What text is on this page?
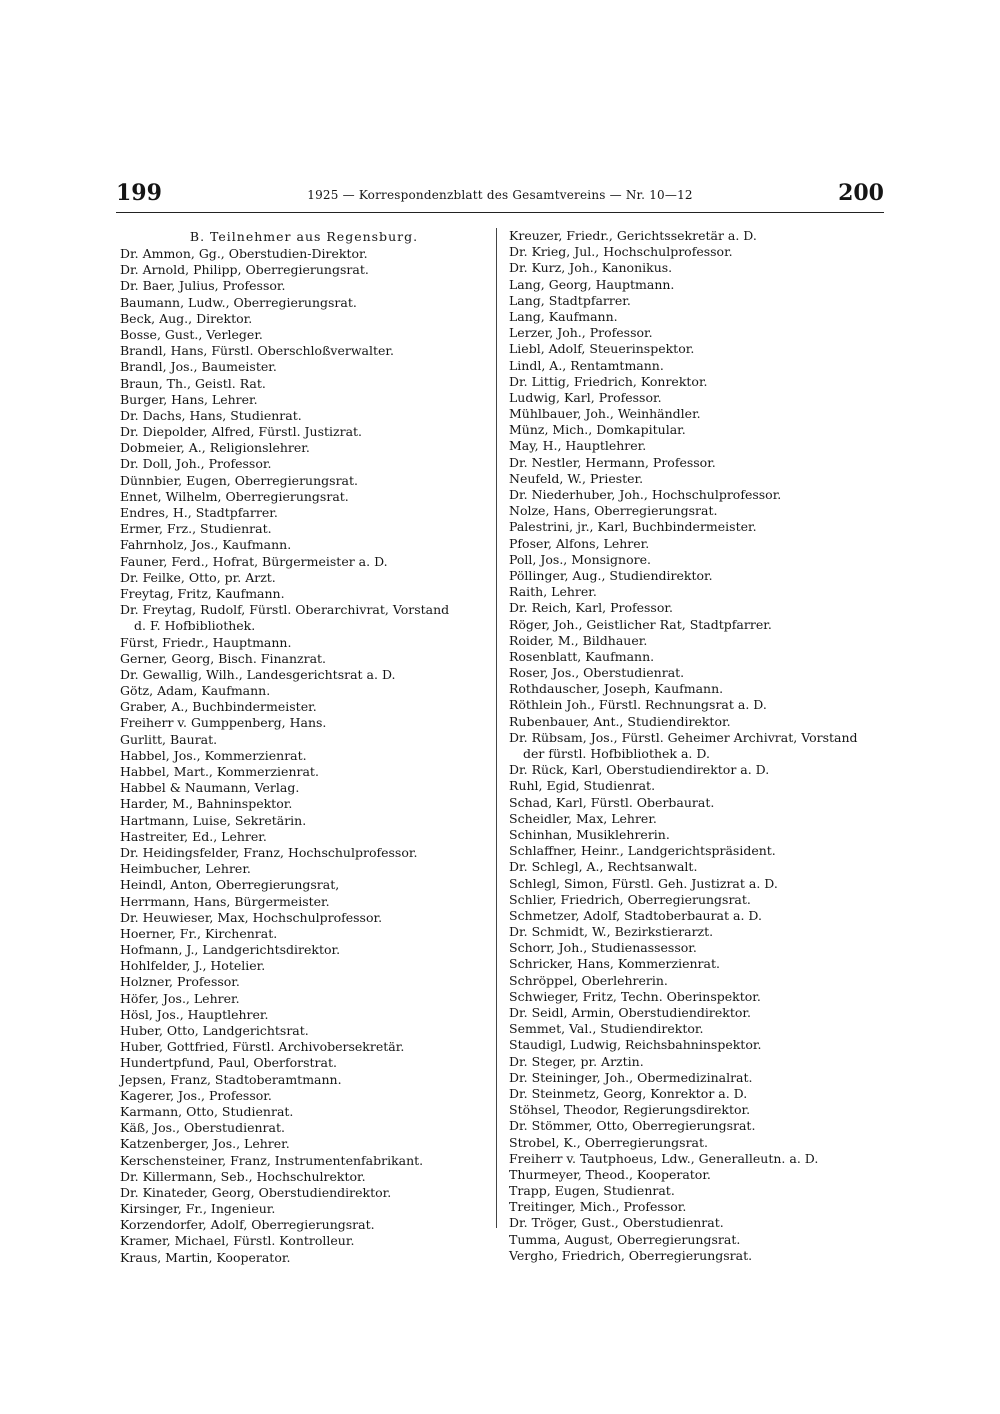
199	1925 — Korrespondenzblatt des Gesamtvereins — Nr. 10—12	200
B. Teilnehmer aus Regensburg.
Dr. Ammon, Gg., Oberstudien-Direktor.
Dr. Arnold, Philipp, Oberregierungsrat.
Dr. Baer, Julius, Professor.
Baumann, Ludw., Oberregierungsrat.
Beck, Aug., Direktor.
Bosse, Gust., Verleger.
Brandl, Hans, Fürstl. Oberschloßverwalter.
Brandl, Jos., Baumeister.
Braun, Th., Geistl. Rat.
Burger, Hans, Lehrer.
Dr. Dachs, Hans, Studienrat.
Dr. Diepolder, Alfred, Fürstl. Justizrat.
Dobmeier, A., Religionslehrer.
Dr. Doll, Joh., Professor.
Dünnbier, Eugen, Oberregierungsrat.
Ennet, Wilhelm, Oberregierungsrat.
Endres, H., Stadtpfarrer.
Ermer, Frz., Studienrat.
Fahrnholz, Jos., Kaufmann.
Fauner, Ferd., Hofrat, Bürgermeister a. D.
Dr. Feilke, Otto, pr. Arzt.
Freytag, Fritz, Kaufmann.
Dr. Freytag, Rudolf, Fürstl. Oberarchivrat, Vorstand
d. F. Hofbibliothek.
Fürst, Friedr., Hauptmann.
Gerner, Georg, Bisch. Finanzrat.
Dr. Gewallig, Wilh., Landesgerichtsrat a. D.
Götz, Adam, Kaufmann.
Graber, A., Buchbindermeister.
Freiherr v. Gumppenberg, Hans.
Gurlitt, Baurat.
Habbel, Jos., Kommerzienrat.
Habbel, Mart., Kommerzienrat.
Habbel & Naumann, Verlag.
Harder, M., Bahninspektor.
Hartmann, Luise, Sekretärin.
Hastreiter, Ed., Lehrer.
Dr. Heidingsfelder, Franz, Hochschulprofessor.
Heimbucher, Lehrer.
Heindl, Anton, Oberregierungsrat,
Herrmann, Hans, Bürgermeister.
Dr. Heuwieser, Max, Hochschulprofessor.
Hoerner, Fr., Kirchenrat.
Hofmann, J., Landgerichtsdirektor.
Hohlfelder, J., Hotelier.
Holzner, Professor.
Höfer, Jos., Lehrer.
Hösl, Jos., Hauptlehrer.
Huber, Otto, Landgerichtsrat.
Huber, Gottfried, Fürstl. Archivobersekretär.
Hundertpfund, Paul, Oberforstrat.
Jepsen, Franz, Stadtoberamtmann.
Kagerer, Jos., Professor.
Karmann, Otto, Studienrat.
Käß, Jos., Oberstudienrat.
Katzenberger, Jos., Lehrer.
Kerschensteiner, Franz, Instrumentenfabrikant.
Dr. Killermann, Seb., Hochschulrektor.
Dr. Kinateder, Georg, Oberstudiendirektor.
Kirsinger, Fr., Ingenieur.
Korzendorfer, Adolf, Oberregierungsrat.
Kramer, Michael, Fürstl. Kontrolleur.
Kraus, Martin, Kooperator.
Kreuzer, Friedr., Gerichtssekretär a. D.
Dr. Krieg, Jul., Hochschulprofessor.
Dr. Kurz, Joh., Kanonikus.
Lang, Georg, Hauptmann.
Lang, Stadtpfarrer.
Lang, Kaufmann.
Lerzer, Joh., Professor.
Liebl, Adolf, Steuerinspektor.
Lindl, A., Rentamtmann.
Dr. Littig, Friedrich, Konrektor.
Ludwig, Karl, Professor.
Mühlbauer, Joh., Weinhändler.
Münz, Mich., Domkapitular.
May, H., Hauptlehrer.
Dr. Nestler, Hermann, Professor.
Neufeld, W., Priester.
Dr. Niederhuber, Joh., Hochschulprofessor.
Nolze, Hans, Oberregierungsrat.
Palestrini, jr., Karl, Buchbindermeister.
Pfoser, Alfons, Lehrer.
Poll, Jos., Monsignore.
Pöllinger, Aug., Studiendirektor.
Raith, Lehrer.
Dr. Reich, Karl, Professor.
Röger, Joh., Geistlicher Rat, Stadtpfarrer.
Roider, M., Bildhauer.
Rosenblatt, Kaufmann.
Roser, Jos., Oberstudienrat.
Rothdauscher, Joseph, Kaufmann.
Röthlein Joh., Fürstl. Rechnungsrat a. D.
Rubenbauer, Ant., Studiendirektor.
Dr. Rübsam, Jos., Fürstl. Geheimer Archivrat, Vorstand
der fürstl. Hofbibliothek a. D.
Dr. Rück, Karl, Oberstudiendirektor a. D.
Ruhl, Egid, Studienrat.
Schad, Karl, Fürstl. Oberbaurat.
Scheidler, Max, Lehrer.
Schinhan, Musiklehrerin.
Schlaffner, Heinr., Landgerichtspräsident.
Dr. Schlegl, A., Rechtsanwalt.
Schlegl, Simon, Fürstl. Geh. Justizrat a. D.
Schlier, Friedrich, Oberregierungsrat.
Schmetzer, Adolf, Stadtoberbaurat a. D.
Dr. Schmidt, W., Bezirkstierarzt.
Schorr, Joh., Studienassessor.
Schricker, Hans, Kommerzienrat.
Schröppel, Oberlehrerin.
Schwieger, Fritz, Techn. Oberinspektor.
Dr. Seidl, Armin, Oberstudiendirektor.
Semmet, Val., Studiendirektor.
Staudigl, Ludwig, Reichsbahninspektor.
Dr. Steger, pr. Arztin.
Dr. Steininger, Joh., Obermedizinalrat.
Dr. Steinmetz, Georg, Konrektor a. D.
Stöhsel, Theodor, Regierungsdirektor.
Dr. Stömmer, Otto, Oberregierungsrat.
Strobel, K., Oberregierungsrat.
Freiherr v. Tautphoeus, Ldw., Generalleutn. a. D.
Thurmeyer, Theod., Kooperator.
Trapp, Eugen, Studienrat.
Treitinger, Mich., Professor.
Dr. Tröger, Gust., Oberstudienrat.
Tumma, August, Oberregierungsrat.
Vergho, Friedrich, Oberregierungsrat.
